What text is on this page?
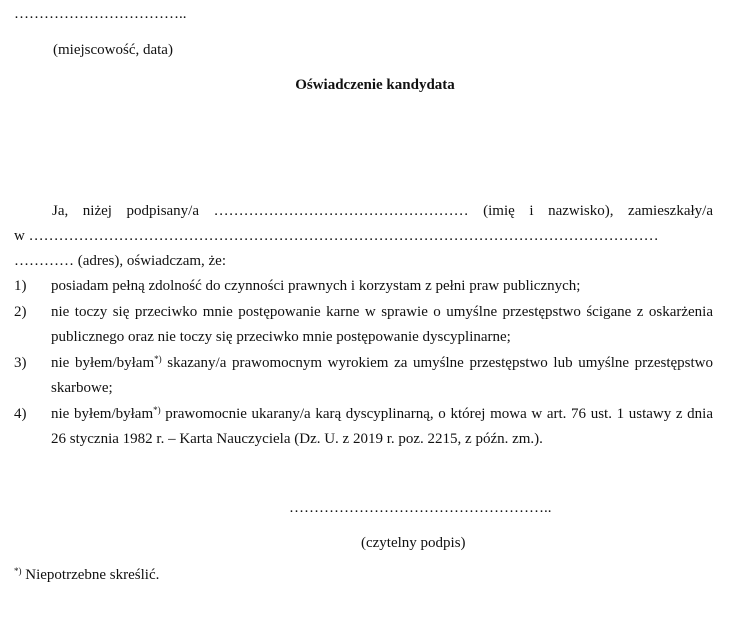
……………………………..
(miejscowość, data)
Oświadczenie kandydata
Ja, niżej podpisany/a …………………………………………… (imię i nazwisko), zamieszkały/a
w ………………………………………………………………………………………………………………
………… (adres), oświadczam, że:
1) posiadam pełną zdolność do czynności prawnych i korzystam z pełni praw publicznych;
2) nie toczy się przeciwko mnie postępowanie karne w sprawie o umyślne przestępstwo ścigane z oskarżenia publicznego oraz nie toczy się przeciwko mnie postępowanie dyscyplinarne;
3) nie byłem/byłam*) skazany/a prawomocnym wyrokiem za umyślne przestępstwo lub umyślne przestępstwo skarbowe;
4) nie byłem/byłam*) prawomocnie ukarany/a karą dyscyplinarną, o której mowa w art. 76 ust. 1 ustawy z dnia 26 stycznia 1982 r. – Karta Nauczyciela (Dz. U. z 2019 r. poz. 2215, z późn. zm.).
……………………………………………..
(czytelny podpis)
*) Niepotrzebne skreślić.
